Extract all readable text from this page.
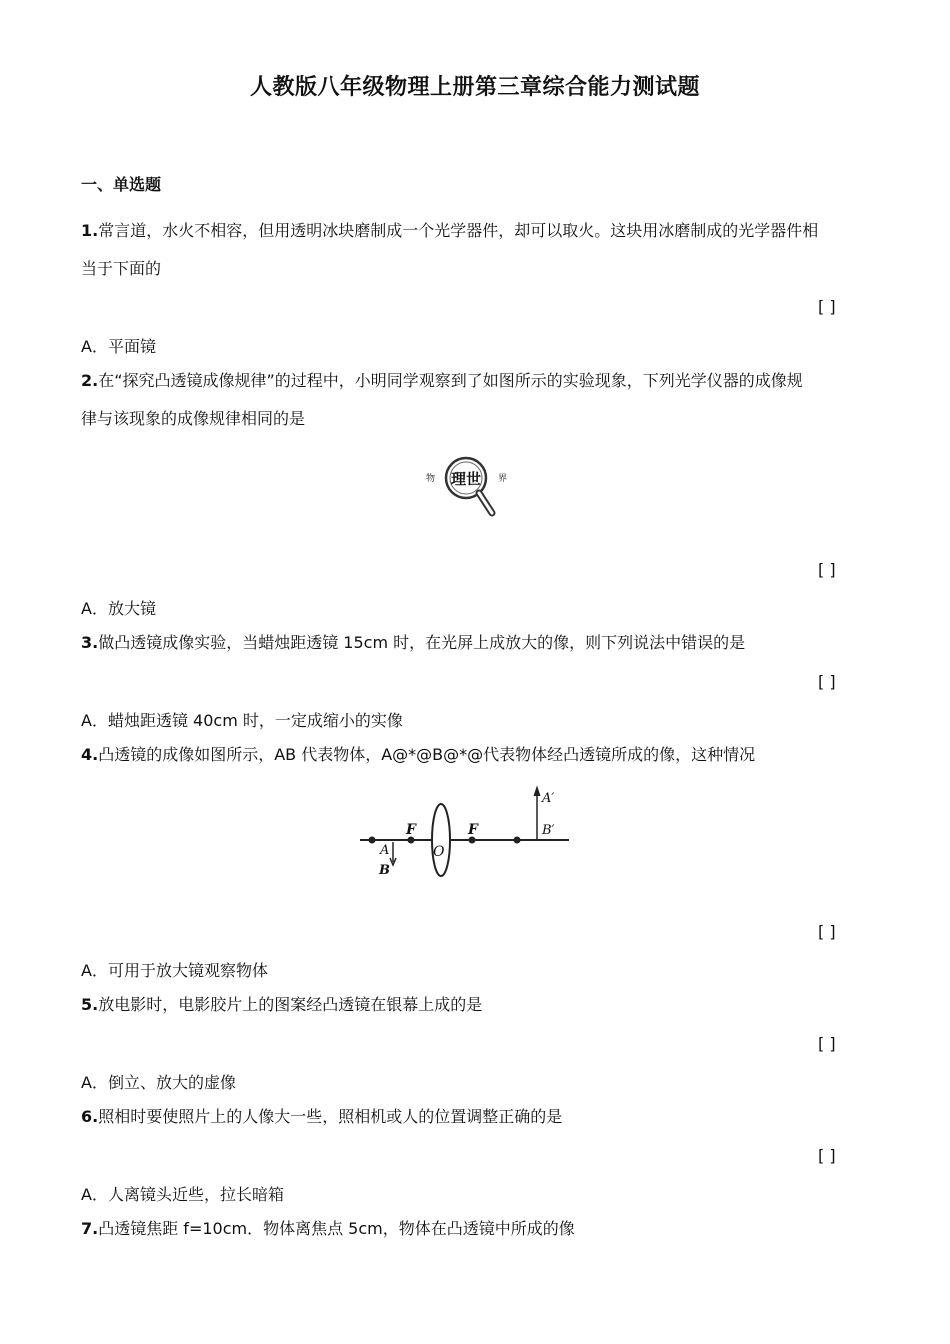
人教版八年级物理上册第三章综合能力测试题
一、单选题
1.常言道，水火不相容，但用透明冰块磨制成一个光学器件，却可以取火。这块用冰磨制成的光学器件相
当于下面的
[ ]
A．平面镜
2.在“探究凸透镜成像规律”的过程中，小明同学观察到了如图所示的实验现象，下列光学仪器的成像规
律与该现象的成像规律相同的是
物 理世 界
[ ]
A．放大镜
3.做凸透镜成像实验，当蜡烛距透镜 15cm 时，在光屏上成放大的像，则下列说法中错误的是
[ ]
A．蜡烛距透镜 40cm 时，一定成缩小的实像
4.凸透镜的成像如图所示，AB 代表物体，A@*@B@*@代表物体经凸透镜所成的像，这种情况
F	F
O
A
B
A′
B′
[ ]
A．可用于放大镜观察物体
5.放电影时，电影胶片上的图案经凸透镜在银幕上成的是
[ ]
A．倒立、放大的虚像
6.照相时要使照片上的人像大一些，照相机或人的位置调整正确的是
[ ]
A．人离镜头近些，拉长暗箱
7.凸透镜焦距 f=10cm．物体离焦点 5cm，物体在凸透镜中所成的像
